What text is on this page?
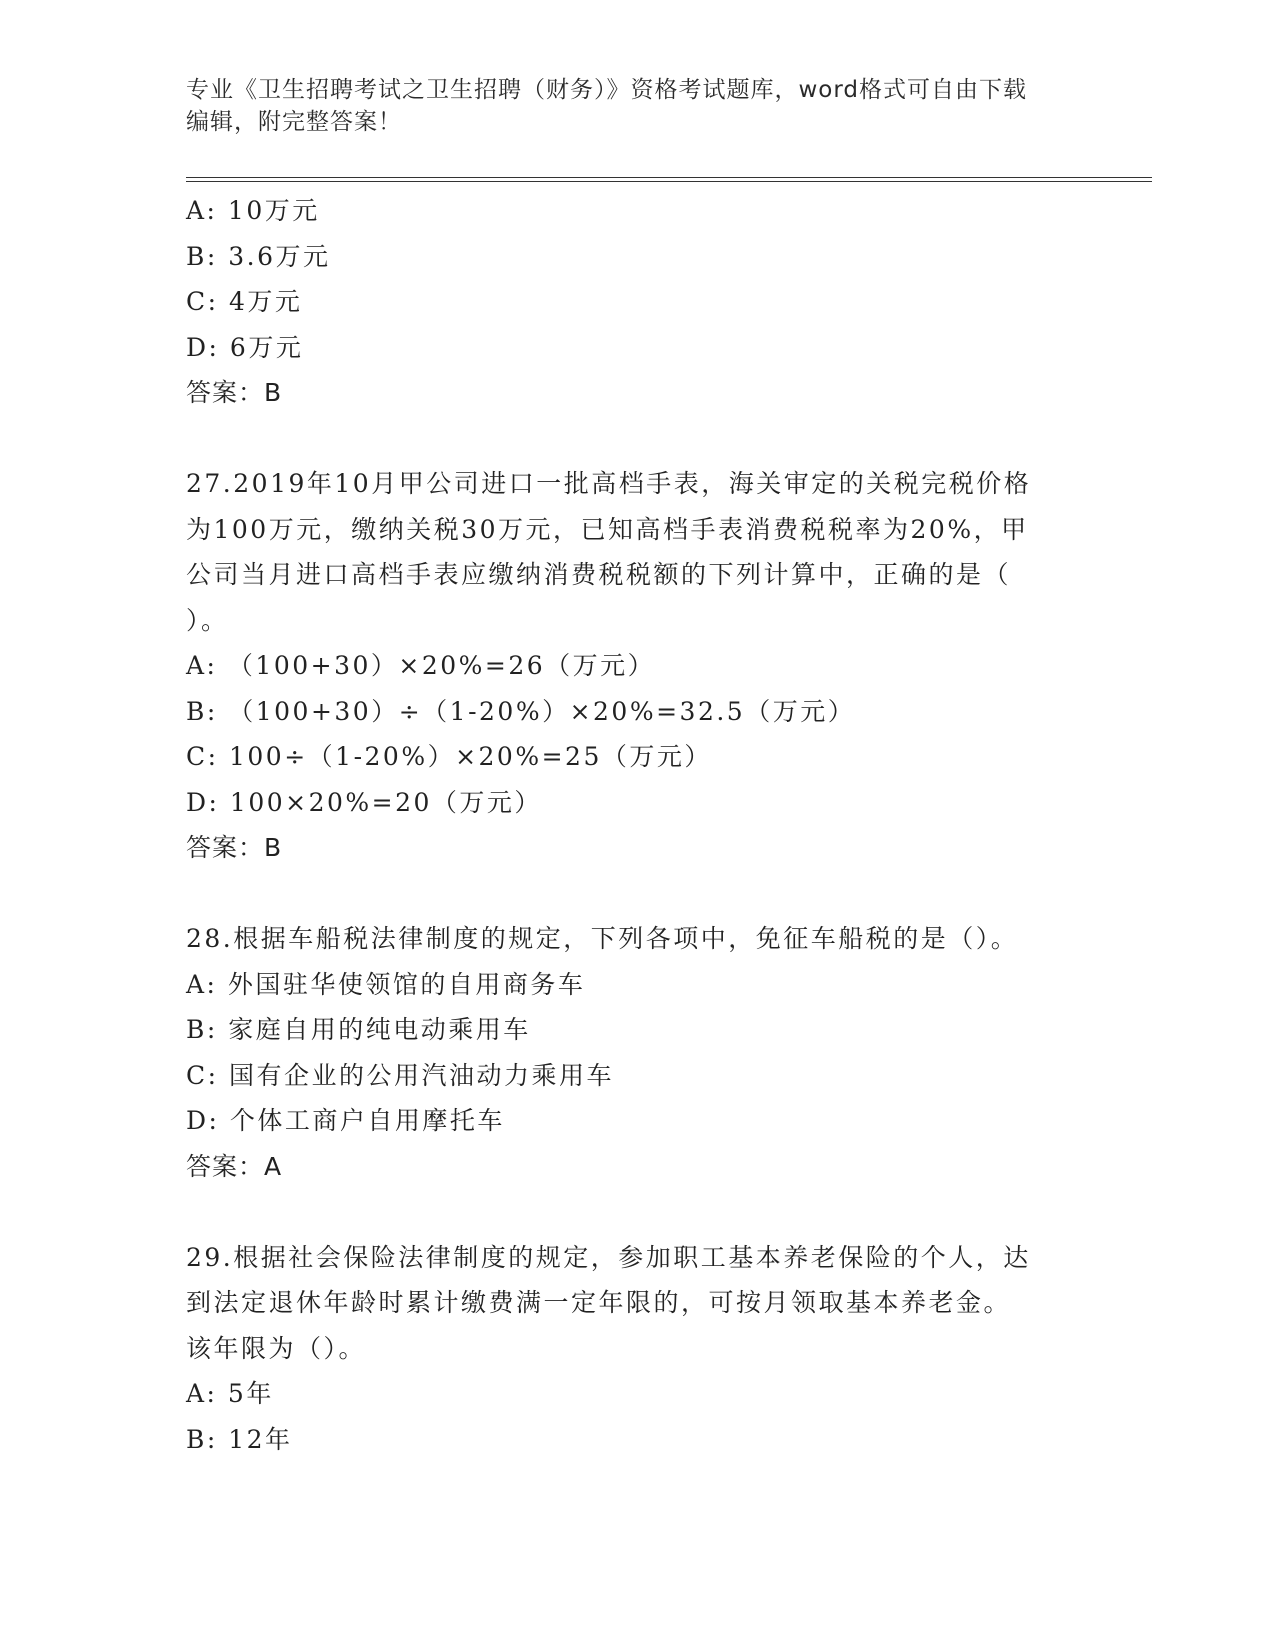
专业《卫生招聘考试之卫生招聘（财务）》资格考试题库，word格式可自由下载
编辑，附完整答案！
A: 10万元
B: 3.6万元
C: 4万元
D: 6万元
答案：B
27.2019年10月甲公司进口一批高档手表，海关审定的关税完税价格
为100万元，缴纳关税30万元，已知高档手表消费税税率为20%，甲
公司当月进口高档手表应缴纳消费税税额的下列计算中，正确的是（
）。
A: （100+30）×20%=26（万元）
B: （100+30）÷（1-20%）×20%=32.5（万元）
C: 100÷（1-20%）×20%=25（万元）
D: 100×20%=20（万元）
答案：B
28.根据车船税法律制度的规定，下列各项中，免征车船税的是（）。
A: 外国驻华使领馆的自用商务车
B: 家庭自用的纯电动乘用车
C: 国有企业的公用汽油动力乘用车
D: 个体工商户自用摩托车
答案：A
29.根据社会保险法律制度的规定，参加职工基本养老保险的个人，达
到法定退休年龄时累计缴费满一定年限的，可按月领取基本养老金。
该年限为（）。
A: 5年
B: 12年
